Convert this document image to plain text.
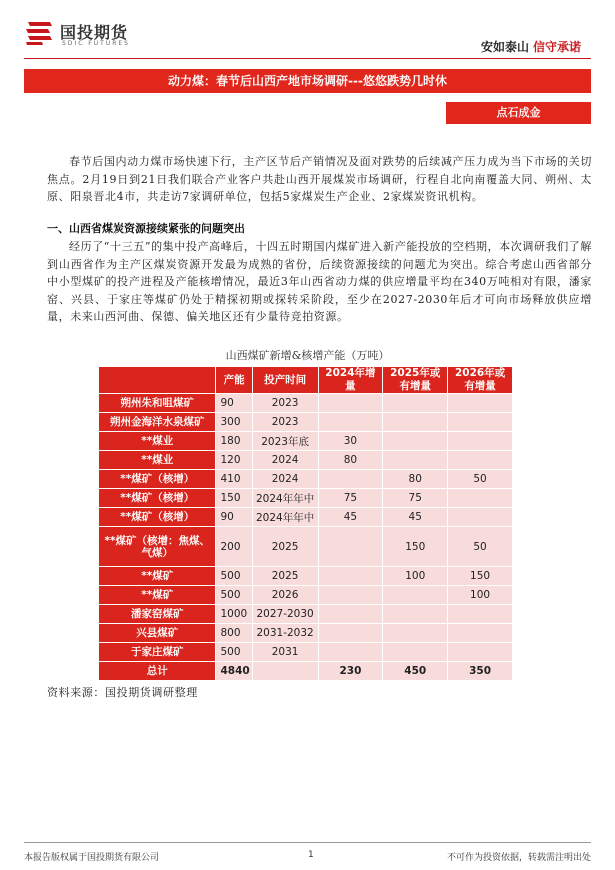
国投期货
SDIC FUTURES	安如泰山 信守承诺
动力煤：春节后山西产地市场调研---悠悠跌势几时休
点石成金

春节后国内动力煤市场快速下行，主产区节后产销情况及面对跌势的后续减产压力成为当下市场的关切焦点。2月19日到21日我们联合产业客户共赴山西开展煤炭市场调研，行程自北向南覆盖大同、朔州、太原、阳泉晋北4市，共走访7家调研单位，包括5家煤炭生产企业、2家煤炭资讯机构。

一、山西省煤炭资源接续紧张的问题突出

经历了“十三五”的集中投产高峰后，十四五时期国内煤矿进入新产能投放的空档期，本次调研我们了解到山西省作为主产区煤炭资源开发最为成熟的省份，后续资源接续的问题尤为突出。综合考虑山西省部分中小型煤矿的投产进程及产能核增情况，最近3年山西省动力煤的供应增量平均在340万吨相对有限，潘家窑、兴县、于家庄等煤矿仍处于精探初期或探转采阶段，至少在2027-2030年后才可向市场释放供应增量，未来山西河曲、保德、偏关地区还有少量待竞拍资源。

山西煤矿新增&核增产能（万吨）
	产能	投产时间	2024年增量	2025年或有增量	2026年或有增量
朔州朱和咀煤矿	90	2023			
朔州金海洋水泉煤矿	300	2023			
**煤业	180	2023年底	30		
**煤业	120	2024	80		
**煤矿（核增）	410	2024		80	50
**煤矿（核增）	150	2024年年中	75	75	
**煤矿（核增）	90	2024年年中	45	45	
**煤矿（核增：焦煤、气煤）	200	2025		150	50
**煤矿	500	2025		100	150
**煤矿	500	2026			100
潘家窑煤矿	1000	2027-2030			
兴县煤矿	800	2031-2032			
于家庄煤矿	500	2031			
总计	4840		230	450	350
资料来源：国投期货调研整理
本报告版权属于国投期货有限公司	1	不可作为投资依据，转载需注明出处
